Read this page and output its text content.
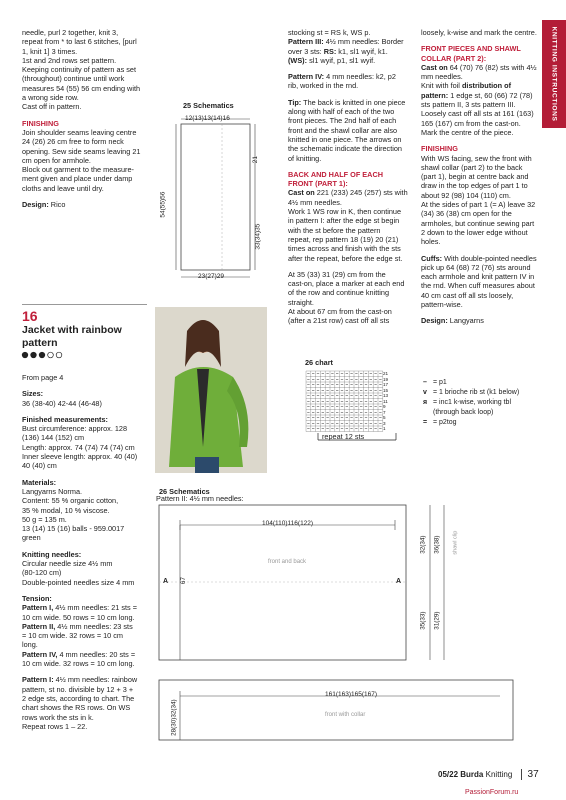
KNITTING INSTRUCTIONS

needle, purl 2 together, knit 3,
repeat from * to last 6 stitches, [purl
1, knit 1] 3 times.
1st and 2nd rows set pattern.
Keeping continuity of pattern as set
(throughout) continue until work
measures 54 (55) 56 cm ending with
a wrong side row.
Cast off in pattern.

FINISHING

Join shoulder seams leaving centre
24 (26) 26 cm free to form neck
opening. Sew side seams leaving 21
cm open for armhole.
Block out garment to the measure-
ment given and place under damp
cloths and leave until dry.

Design: Rico

25 Schematics
12(13)13(14)16
54(55)56
21
33(34)35
23(27)29

stocking st = RS k, WS p.

Pattern III: 4½ mm needles: Border
over 3 sts: RS: k1, sl1 wyif, k1.
(WS): sl1 wyif, p1, sl1 wyif.

Pattern IV: 4 mm needles: k2, p2
rib, worked in the rnd.

Tip: The back is knitted in one piece
along with half of each of the two
front pieces. The 2nd half of each
front and the shawl collar are also
knitted in one piece. The arrows on
the schematic indicate the direction
of knitting.

BACK AND HALF OF EACH
FRONT (PART 1):

Cast on 221 (233) 245 (257) sts with
4½ mm needles.
Work 1 WS row in K, then continue
in pattern I: after the edge st begin
with the st before the pattern
repeat, rep pattern 18 (19) 20 (21)
times across and finish with the sts
after the repeat, before the edge st.

At 35 (33) 31 (29) cm from the
cast-on, place a marker at each end
of the row and continue knitting
straight.
At about 67 cm from the cast-on
(after a 21st row) cast off all sts

loosely, k-wise and mark the centre.

FRONT PIECES AND SHAWL
COLLAR (PART 2):

Cast on 64 (70) 76 (82) sts with 4½
mm needles.
Knit with foil distribution of
pattern: 1 edge st, 60 (66) 72 (78)
sts pattern II, 3 sts pattern III.
Loosely cast off all sts at 161 (163)
165 (167) cm from the cast-on.
Mark the centre of the piece.

FINISHING

With WS facing, sew the front with
shawl collar (part 2) to the back
(part 1), begin at centre back and
draw in the top edges of part 1 to
about 92 (98) 104 (110) cm.
At the sides of part 1 (= A) leave 32
(34) 36 (38) cm open for the
armholes, but continue sewing part
2 down to the lower edge without
holes.

Cuffs: With double-pointed needles
pick up 64 (68) 72 (76) sts around
each armhole and knit pattern IV in
the rnd. When cuff measures about
40 cm cast off all sts loosely,
pattern-wise.

Design: Langyarns

16
Jacket with rainbow
pattern

From page 4

Sizes:

36 (38-40) 42-44 (46-48)

Finished measurements:

Bust circumference: approx. 128
(136) 144 (152) cm
Length: approx. 74 (74) 74 (74) cm
Inner sleeve length: approx. 40 (40)
40 (40) cm

Materials:

Langyarns Norma.
Content: 55 % organic cotton,
35 % modal, 10 % viscose.
50 g = 135 m.
13 (14) 15 (16) balls - 959.0017
green

Knitting needles:

Circular needle size 4½ mm
(80-120 cm)
Double-pointed needles size 4 mm

Tension:

Pattern I, 4½ mm needles: 21 sts =
10 cm wide. 50 rows = 10 cm long.
Pattern II, 4½ mm needles: 23 sts
= 10 cm wide. 32 rows = 10 cm
long.
Pattern IV, 4 mm needles: 20 sts =
10 cm wide. 32 rows = 10 cm long.

Pattern I: 4½ mm needles: rainbow
pattern, st no. divisible by 12 + 3 +
2 edge sts, according to chart. The
chart shows the RS rows. On WS
rows work the sts in k.
Repeat rows 1 – 22.

26 chart
21
19
17
15
13
11
9
7
5
3
1
repeat 12 sts
– = p1
v = 1 brioche rib st (k1 below)
я = inc1 k-wise, working tbl
(through back loop)
= = p2tog
26 Schematics
Pattern II: 4½ mm needles:
104(110)116(122)
67
A	A
front and back
shawl clip
32(34) 36(38)
35(33) 31(29)
161(163)165(167)
28(30)32(34)	front with collar
05/22 Burda Knitting 37
PassionForum.ru
